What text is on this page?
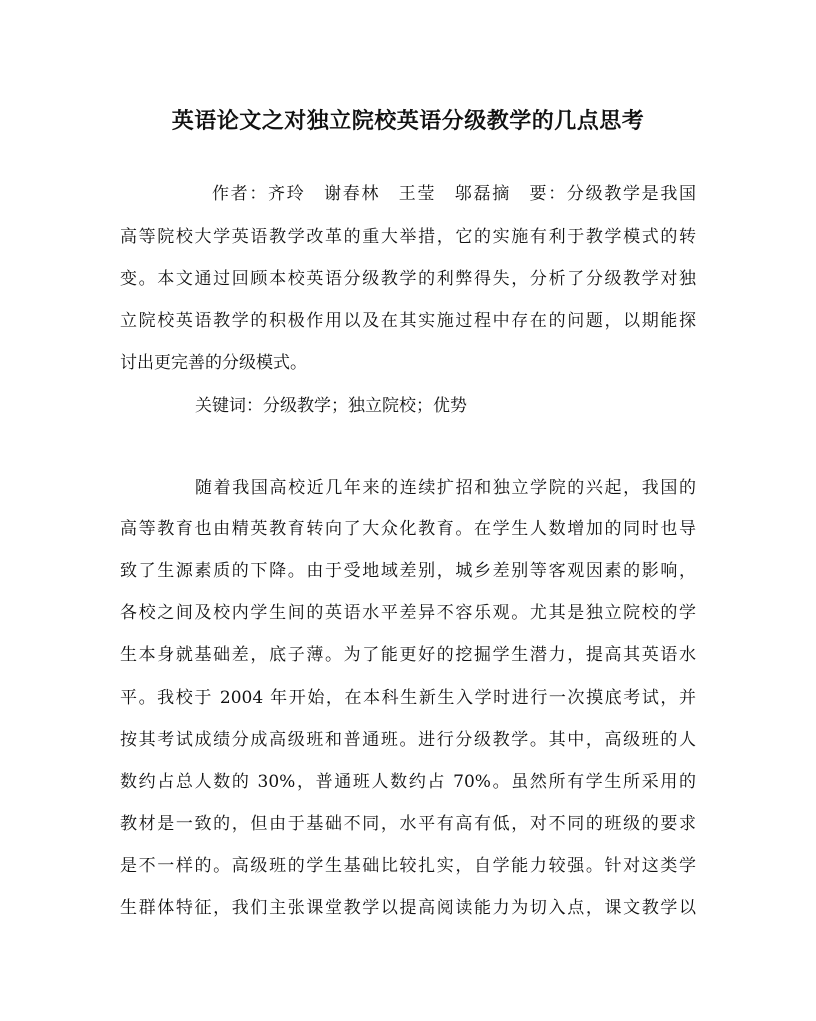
英语论文之对独立院校英语分级教学的几点思考
作者：齐玲　谢春林　王莹　邬磊摘　要：分级教学是我国
高等院校大学英语教学改革的重大举措，它的实施有利于教学模式的转
变。本文通过回顾本校英语分级教学的利弊得失，分析了分级教学对独
立院校英语教学的积极作用以及在其实施过程中存在的问题，以期能探
讨出更完善的分级模式。
关键词：分级教学；独立院校；优势
随着我国高校近几年来的连续扩招和独立学院的兴起，我国的
高等教育也由精英教育转向了大众化教育。在学生人数增加的同时也导
致了生源素质的下降。由于受地域差别，城乡差别等客观因素的影响，
各校之间及校内学生间的英语水平差异不容乐观。尤其是独立院校的学
生本身就基础差，底子薄。为了能更好的挖掘学生潜力，提高其英语水
平。我校于 2004 年开始，在本科生新生入学时进行一次摸底考试，并
按其考试成绩分成高级班和普通班。进行分级教学。其中，高级班的人
数约占总人数的 30%，普通班人数约占 70%。虽然所有学生所采用的
教材是一致的，但由于基础不同，水平有高有低，对不同的班级的要求
是不一样的。高级班的学生基础比较扎实，自学能力较强。针对这类学
生群体特征，我们主张课堂教学以提高阅读能力为切入点，课文教学以
